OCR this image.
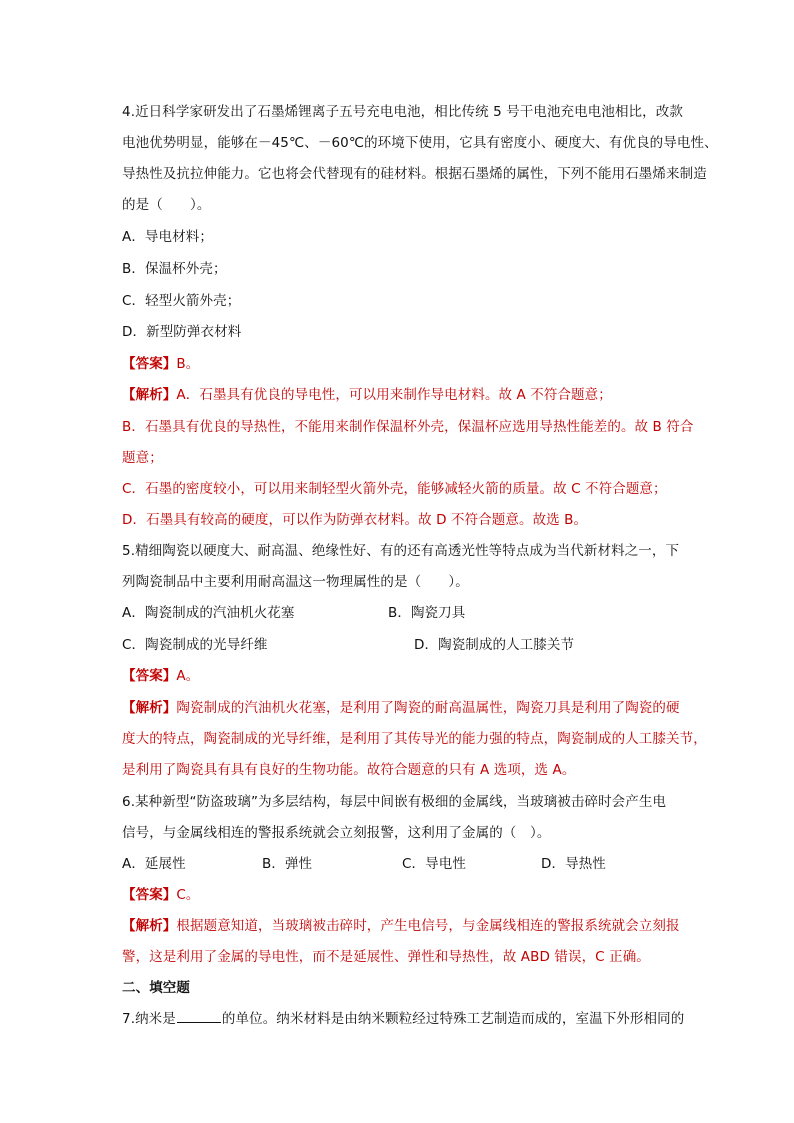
4.近日科学家研发出了石墨烯锂离子五号充电电池，相比传统 5 号干电池充电电池相比，改款
电池优势明显，能够在－45℃、－60℃的环境下使用，它具有密度小、硬度大、有优良的导电性、
导热性及抗拉伸能力。它也将会代替现有的硅材料。根据石墨烯的属性，下列不能用石墨烯来制造
的是（　　）。
A．导电材料；
B．保温杯外壳；
C．轻型火箭外壳；
D．新型防弹衣材料
【答案】B。
【解析】A．石墨具有优良的导电性，可以用来制作导电材料。故 A 不符合题意；
B．石墨具有优良的导热性，不能用来制作保温杯外壳，保温杯应选用导热性能差的。故 B 符合
题意；
C．石墨的密度较小，可以用来制轻型火箭外壳，能够减轻火箭的质量。故 C 不符合题意；
D．石墨具有较高的硬度，可以作为防弹衣材料。故 D 不符合题意。故选 B。
5.精细陶瓷以硬度大、耐高温、绝缘性好、有的还有高透光性等特点成为当代新材料之一，下
列陶瓷制品中主要利用耐高温这一物理属性的是（　　）。
A．陶瓷制成的汽油机火花塞	B．陶瓷刀具
C．陶瓷制成的光导纤维	D．陶瓷制成的人工膝关节
【答案】A。
【解析】陶瓷制成的汽油机火花塞，是利用了陶瓷的耐高温属性，陶瓷刀具是利用了陶瓷的硬
度大的特点，陶瓷制成的光导纤维，是利用了其传导光的能力强的特点，陶瓷制成的人工膝关节，
是利用了陶瓷具有具有良好的生物功能。故符合题意的只有 A 选项，选 A。
6.某种新型“防盗玻璃”为多层结构，每层中间嵌有极细的金属线，当玻璃被击碎时会产生电
信号，与金属线相连的警报系统就会立刻报警，这利用了金属的（　）。
A．延展性	B．弹性	C．导电性	D．导热性
【答案】C。
【解析】根据题意知道，当玻璃被击碎时，产生电信号，与金属线相连的警报系统就会立刻报
警，这是利用了金属的导电性，而不是延展性、弹性和导热性，故 ABD 错误，C 正确。
二、填空题
7.纳米是	的单位。纳米材料是由纳米颗粒经过特殊工艺制造而成的，室温下外形相同的
